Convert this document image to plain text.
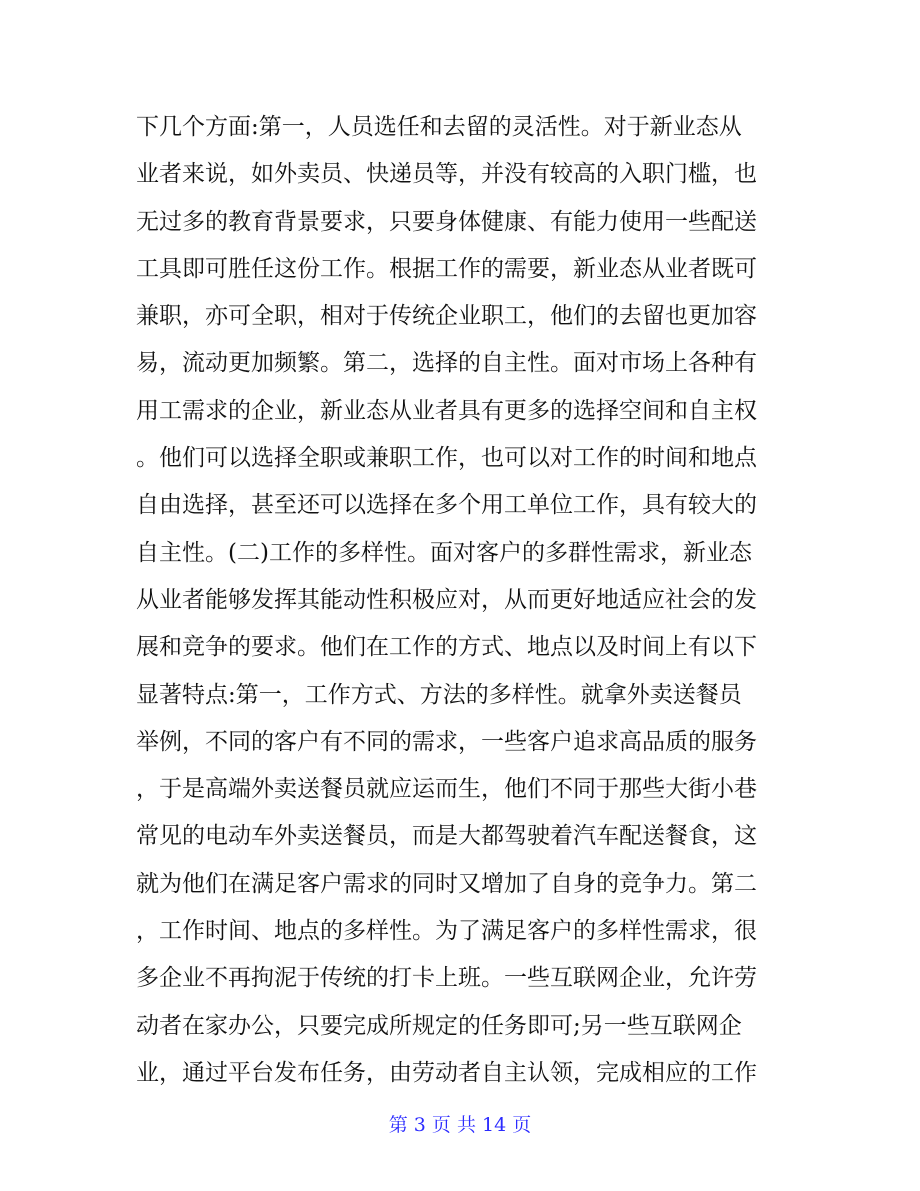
下几个方面:第一，人员选任和去留的灵活性。对于新业态从
业者来说，如外卖员、快递员等，并没有较高的入职门槛，也
无过多的教育背景要求，只要身体健康、有能力使用一些配送
工具即可胜任这份工作。根据工作的需要，新业态从业者既可
兼职，亦可全职，相对于传统企业职工，他们的去留也更加容
易，流动更加频繁。第二，选择的自主性。面对市场上各种有
用工需求的企业，新业态从业者具有更多的选择空间和自主权
。他们可以选择全职或兼职工作，也可以对工作的时间和地点
自由选择，甚至还可以选择在多个用工单位工作，具有较大的
自主性。(二)工作的多样性。面对客户的多群性需求，新业态
从业者能够发挥其能动性积极应对，从而更好地适应社会的发
展和竞争的要求。他们在工作的方式、地点以及时间上有以下
显著特点:第一，工作方式、方法的多样性。就拿外卖送餐员
举例，不同的客户有不同的需求，一些客户追求高品质的服务
，于是高端外卖送餐员就应运而生，他们不同于那些大街小巷
常见的电动车外卖送餐员，而是大都驾驶着汽车配送餐食，这
就为他们在满足客户需求的同时又增加了自身的竞争力。第二
，工作时间、地点的多样性。为了满足客户的多样性需求，很
多企业不再拘泥于传统的打卡上班。一些互联网企业，允许劳
动者在家办公，只要完成所规定的任务即可;另一些互联网企
业，通过平台发布任务，由劳动者自主认领，完成相应的工作
第 3 页 共 14 页
